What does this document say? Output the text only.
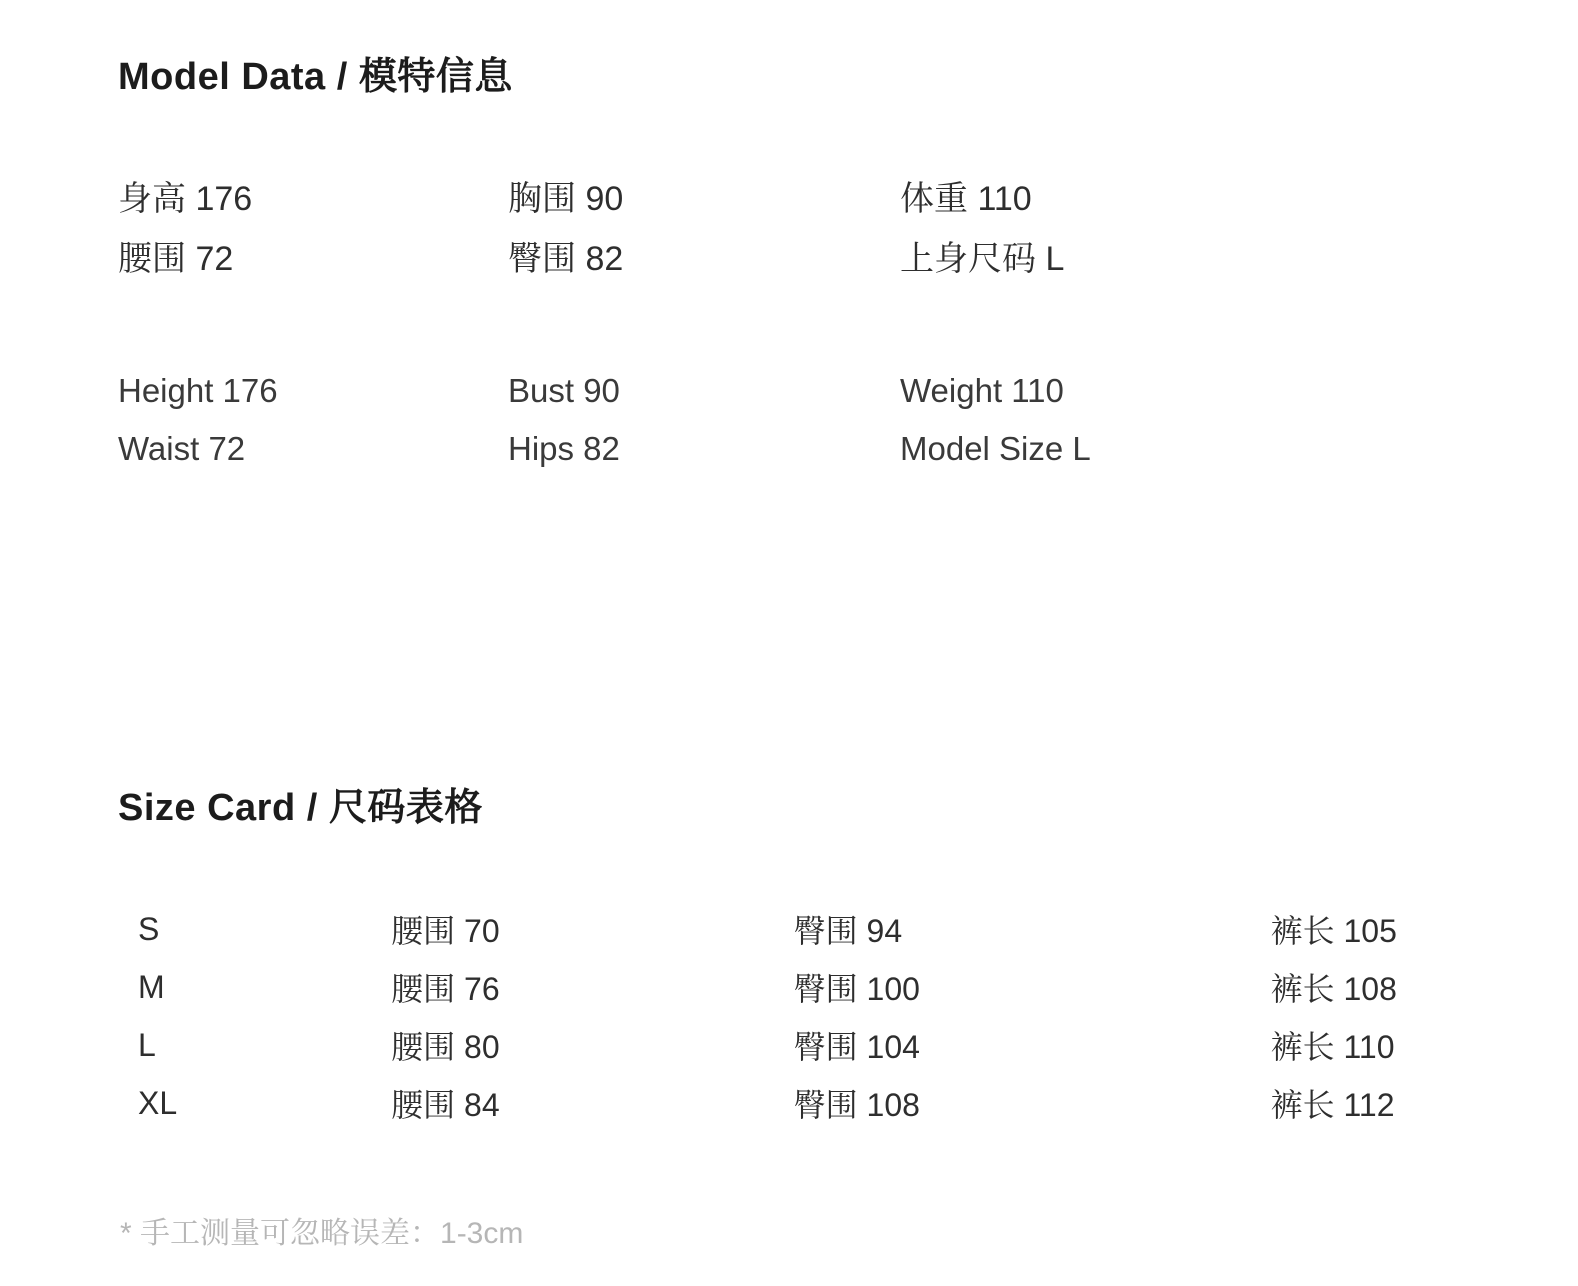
Model Data / 模特信息
身高 176	胸围 90	体重 110
腰围 72	臀围 82	上身尺码 L
Height 176	Bust 90	Weight 110
Waist 72	Hips 82	Model Size L
Size Card / 尺码表格
S	腰围 70	臀围 94	裤长 105
M	腰围 76	臀围 100	裤长 108
L	腰围 80	臀围 104	裤长 110
XL	腰围 84	臀围 108	裤长 112
* 手工测量可忽略误差：1-3cm
